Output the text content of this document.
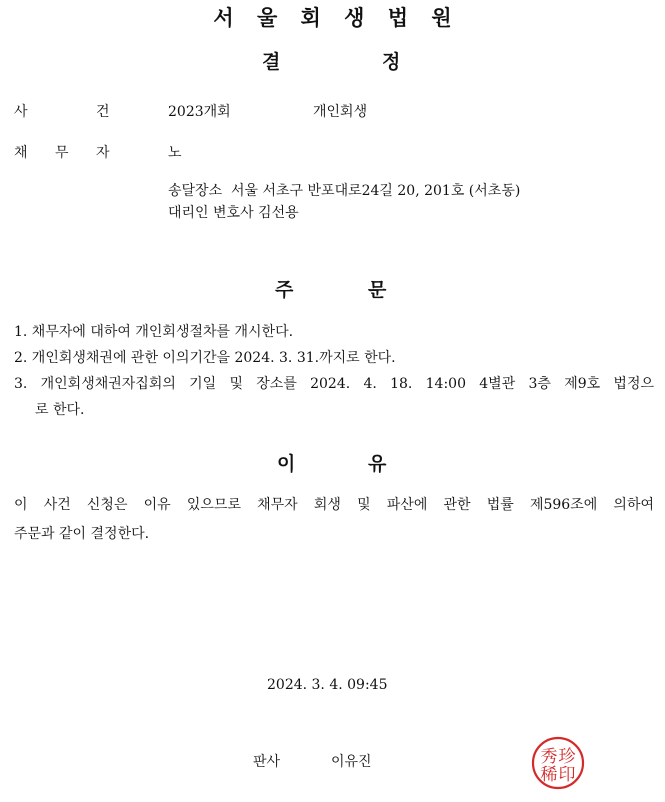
서 울 회 생 법 원
결	정
사	건	2023개회	개인회생
채 무 자	노
송달장소  서울 서초구 반포대로24길 20, 201호 (서초동)
대리인 변호사 김선용
주	문
1. 채무자에 대하여 개인회생절차를 개시한다.
2. 개인회생채권에 관한 이의기간을 2024. 3. 31.까지로 한다.
3. 개인회생채권자집회의 기일 및 장소를 2024. 4. 18. 14:00 4별관 3층 제9호 법정으
로 한다.
이	유
이 사건 신청은 이유 있으므로 채무자 회생 및 파산에 관한 법률 제596조에 의하여
주문과 같이 결정한다.
2024. 3. 4. 09:45
판사	이유진	秀 珍
稀 印
